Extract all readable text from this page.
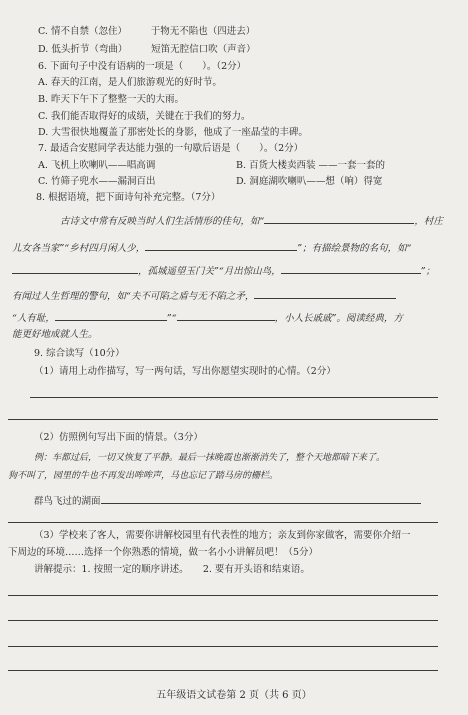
C. 情不自禁（忽住）　　　于物无不陷也（四进去）
D. 低头折节（弯曲）　　　短笛无腔信口吹（声音）
6. 下面句子中没有语病的一项是（　　）。（2分）
A. 春天的江南，是人们旅游观光的好时节。
B. 昨天下午下了整整一天的大雨。
C. 我们能否取得好的成绩，关键在于我们的努力。
D. 大雪很快地覆盖了那密处长的身影，他成了一座晶莹的丰碑。
7. 最适合安慰同学表达能力强的一句歇后语是（　　）。（2分）
A. 飞机上吹喇叭——唱高调	B. 百货大楼卖西装 ——一套一套的
C. 竹筛子兜水——漏洞百出	D. 洞庭湖吹喇叭——想（响）得宽
8. 根据语境，把下面诗句补充完整。（7分）
古诗文中常有反映当时人们生活情形的佳句，如“	，村庄
儿女各当家”“乡村四月闲人少，	”；有描绘景物的名句，如“
，孤城遥望玉门关”“月出惊山鸟，	”；
有闻过人生哲理的警句，如“夫不可陷之盾与无不陷之矛，
“人有耻，	”“	，小人长戚戚”。阅读经典，方
能更好地成就人生。
9. 综合读写（10分）
（1）请用上动作描写，写一两句话，写出你愿望实现时的心情。（2分）
（2）仿照例句写出下面的情景。（3分）
例：车都过后，一切又恢复了平静。最后一抹晚霞也渐渐消失了，整个天地都暗下来了。
狗不叫了，园里的牛也不再发出哞哞声，马也忘记了踏马房的栅栏。
群鸟飞过的湖面
（3）学校来了客人，需要你讲解校园里有代表性的地方；亲友到你家做客，需要你介绍一
下周边的环境……选择一个你熟悉的情境，做一名小小讲解员吧！（5分）
讲解提示：1. 按照一定的顺序讲述。　　2. 要有开头语和结束语。
五年级语文试卷第 2 页（共 6 页）
